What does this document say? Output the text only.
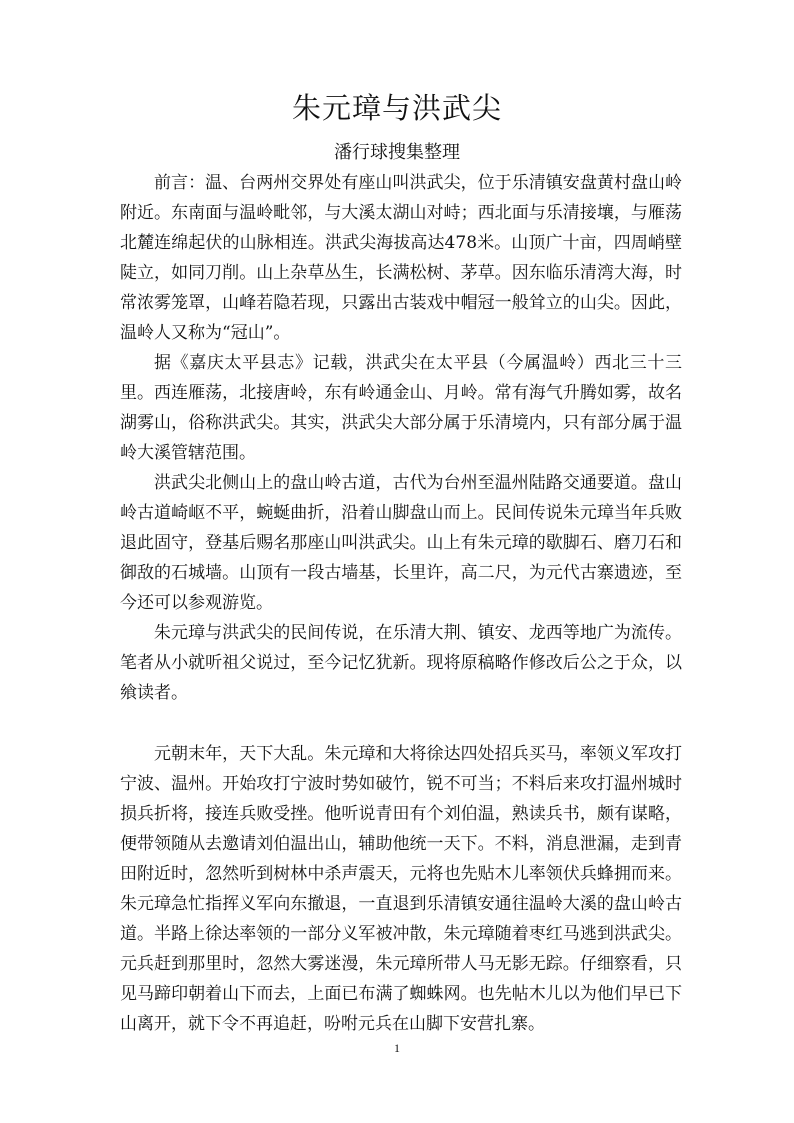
朱元璋与洪武尖
潘行球搜集整理

前言：温、台两州交界处有座山叫洪武尖，位于乐清镇安盘黄村盘山岭附近。东南面与温岭毗邻，与大溪太湖山对峙；西北面与乐清接壤，与雁荡北麓连绵起伏的山脉相连。洪武尖海拔高达478米。山顶广十亩，四周峭壁陡立，如同刀削。山上杂草丛生，长满松树、茅草。因东临乐清湾大海，时常浓雾笼罩，山峰若隐若现，只露出古装戏中帽冠一般耸立的山尖。因此，温岭人又称为“冠山”。

据《嘉庆太平县志》记载，洪武尖在太平县（今属温岭）西北三十三里。西连雁荡，北接唐岭，东有岭通金山、月岭。常有海气升腾如雾，故名湖雾山，俗称洪武尖。其实，洪武尖大部分属于乐清境内，只有部分属于温岭大溪管辖范围。

洪武尖北侧山上的盘山岭古道，古代为台州至温州陆路交通要道。盘山岭古道崎岖不平，蜿蜒曲折，沿着山脚盘山而上。民间传说朱元璋当年兵败退此固守，登基后赐名那座山叫洪武尖。山上有朱元璋的歇脚石、磨刀石和御敌的石城墙。山顶有一段古墙基，长里许，高二尺，为元代古寨遗迹，至今还可以参观游览。

朱元璋与洪武尖的民间传说，在乐清大荆、镇安、龙西等地广为流传。笔者从小就听祖父说过，至今记忆犹新。现将原稿略作修改后公之于众，以飨读者。

元朝末年，天下大乱。朱元璋和大将徐达四处招兵买马，率领义军攻打宁波、温州。开始攻打宁波时势如破竹，锐不可当；不料后来攻打温州城时损兵折将，接连兵败受挫。他听说青田有个刘伯温，熟读兵书，颇有谋略，便带领随从去邀请刘伯温出山，辅助他统一天下。不料，消息泄漏，走到青田附近时，忽然听到树林中杀声震天，元将也先贴木儿率领伏兵蜂拥而来。朱元璋急忙指挥义军向东撤退，一直退到乐清镇安通往温岭大溪的盘山岭古道。半路上徐达率领的一部分义军被冲散，朱元璋随着枣红马逃到洪武尖。元兵赶到那里时，忽然大雾迷漫，朱元璋所带人马无影无踪。仔细察看，只见马蹄印朝着山下而去，上面已布满了蜘蛛网。也先帖木儿以为他们早已下山离开，就下令不再追赶，吩咐元兵在山脚下安营扎寨。

1
